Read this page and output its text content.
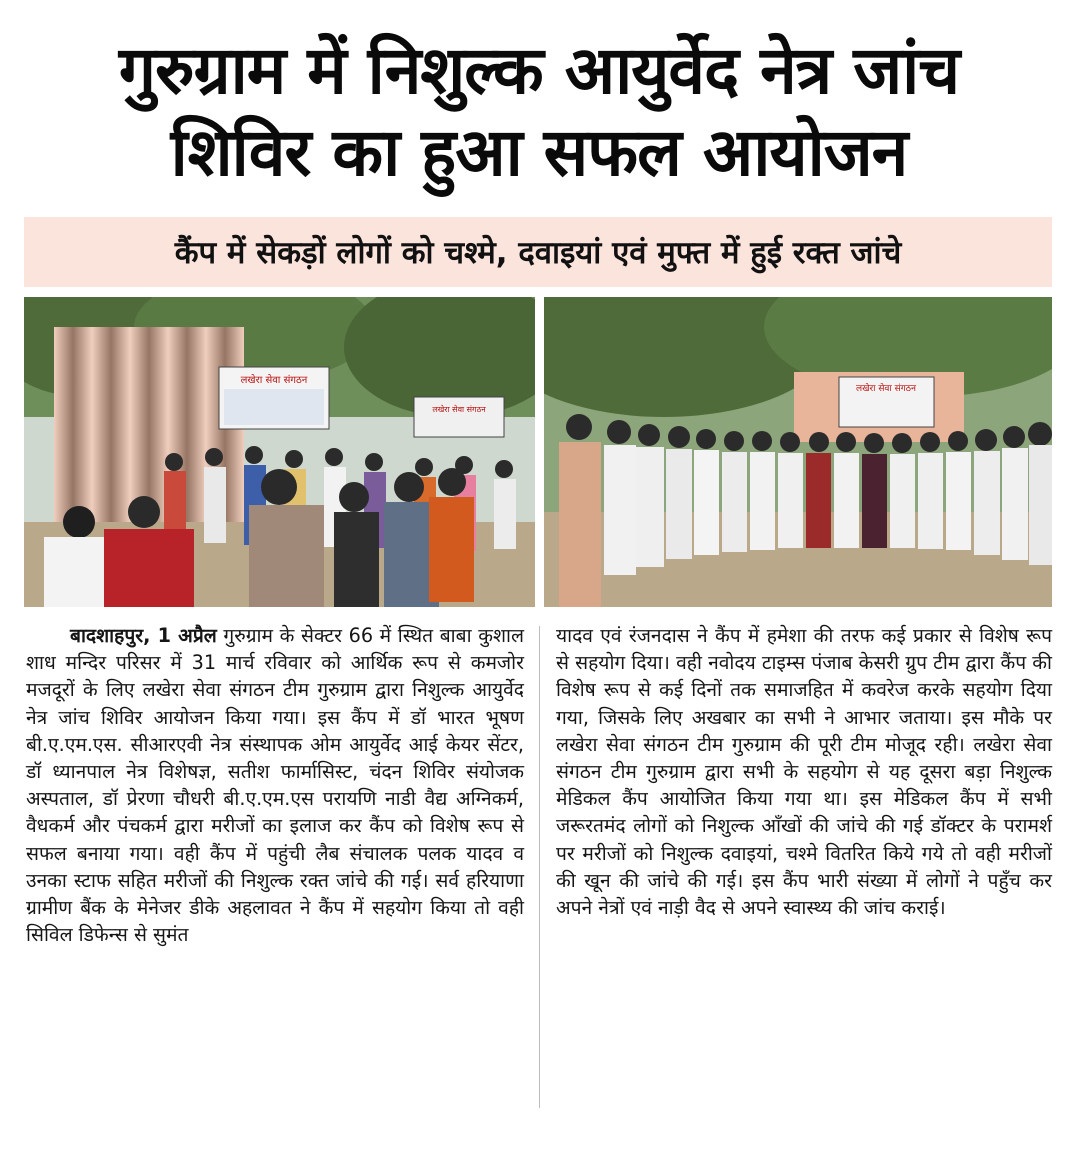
गुरुग्राम में निशुल्क आयुर्वेद नेत्र जांच
शिविर का हुआ सफल आयोजन
कैंप में सेकड़ों लोगों को चश्मे, दवाइयां एवं मुफ्त में हुई रक्त जांचे
लखेरा सेवा संगठन
लखेरा सेवा संगठन
लखेरा सेवा संगठन
बादशाहपुर, 1 अप्रैल गुरुग्राम के सेक्टर 66 में स्थित बाबा कुशाल शाध मन्दिर परिसर में 31 मार्च रविवार को आर्थिक रूप से कमजोर मजदूरों के लिए लखेरा सेवा संगठन टीम गुरुग्राम द्वारा निशुल्क आयुर्वेद नेत्र जांच शिविर आयोजन किया गया। इस कैंप में डॉ भारत भूषण बी.ए.एम.एस. सीआरएवी नेत्र संस्थापक ओम आयुर्वेद आई केयर सेंटर, डॉ ध्यानपाल नेत्र विशेषज्ञ, सतीश फार्मासिस्ट, चंदन शिविर संयोजक अस्पताल, डॉ प्रेरणा चौधरी बी.ए.एम.एस परायणि नाडी वैद्य अग्निकर्म, वैधकर्म और पंचकर्म द्वारा मरीजों का इलाज कर कैंप को विशेष रूप से सफल बनाया गया। वही कैंप में पहुंची लैब संचालक पलक यादव व उनका स्टाफ सहित मरीजों की निशुल्क रक्त जांचे की गई। सर्व हरियाणा ग्रामीण बैंक के मेनेजर डीके अहलावत ने कैंप में सहयोग किया तो वही सिविल डिफेन्स से सुमंत
यादव एवं रंजनदास ने कैंप में हमेशा की तरफ कई प्रकार से विशेष रूप से सहयोग दिया। वही नवोदय टाइम्स पंजाब केसरी ग्रुप टीम द्वारा कैंप की विशेष रूप से कई दिनों तक समाजहित में कवरेज करके सहयोग दिया गया, जिसके लिए अखबार का सभी ने आभार जताया। इस मौके पर लखेरा सेवा संगठन टीम गुरुग्राम की पूरी टीम मोजूद रही। लखेरा सेवा संगठन टीम गुरुग्राम द्वारा सभी के सहयोग से यह दूसरा बड़ा निशुल्क मेडिकल कैंप आयोजित किया गया था। इस मेडिकल कैंप में सभी जरूरतमंद लोगों को निशुल्क आँखों की जांचे की गई डॉक्टर के परामर्श पर मरीजों को निशुल्क दवाइयां, चश्मे वितरित किये गये तो वही मरीजों की खून की जांचे की गई। इस कैंप भारी संख्या में लोगों ने पहुँच कर अपने नेत्रों एवं नाड़ी वैद से अपने स्वास्थ्य की जांच कराई।
